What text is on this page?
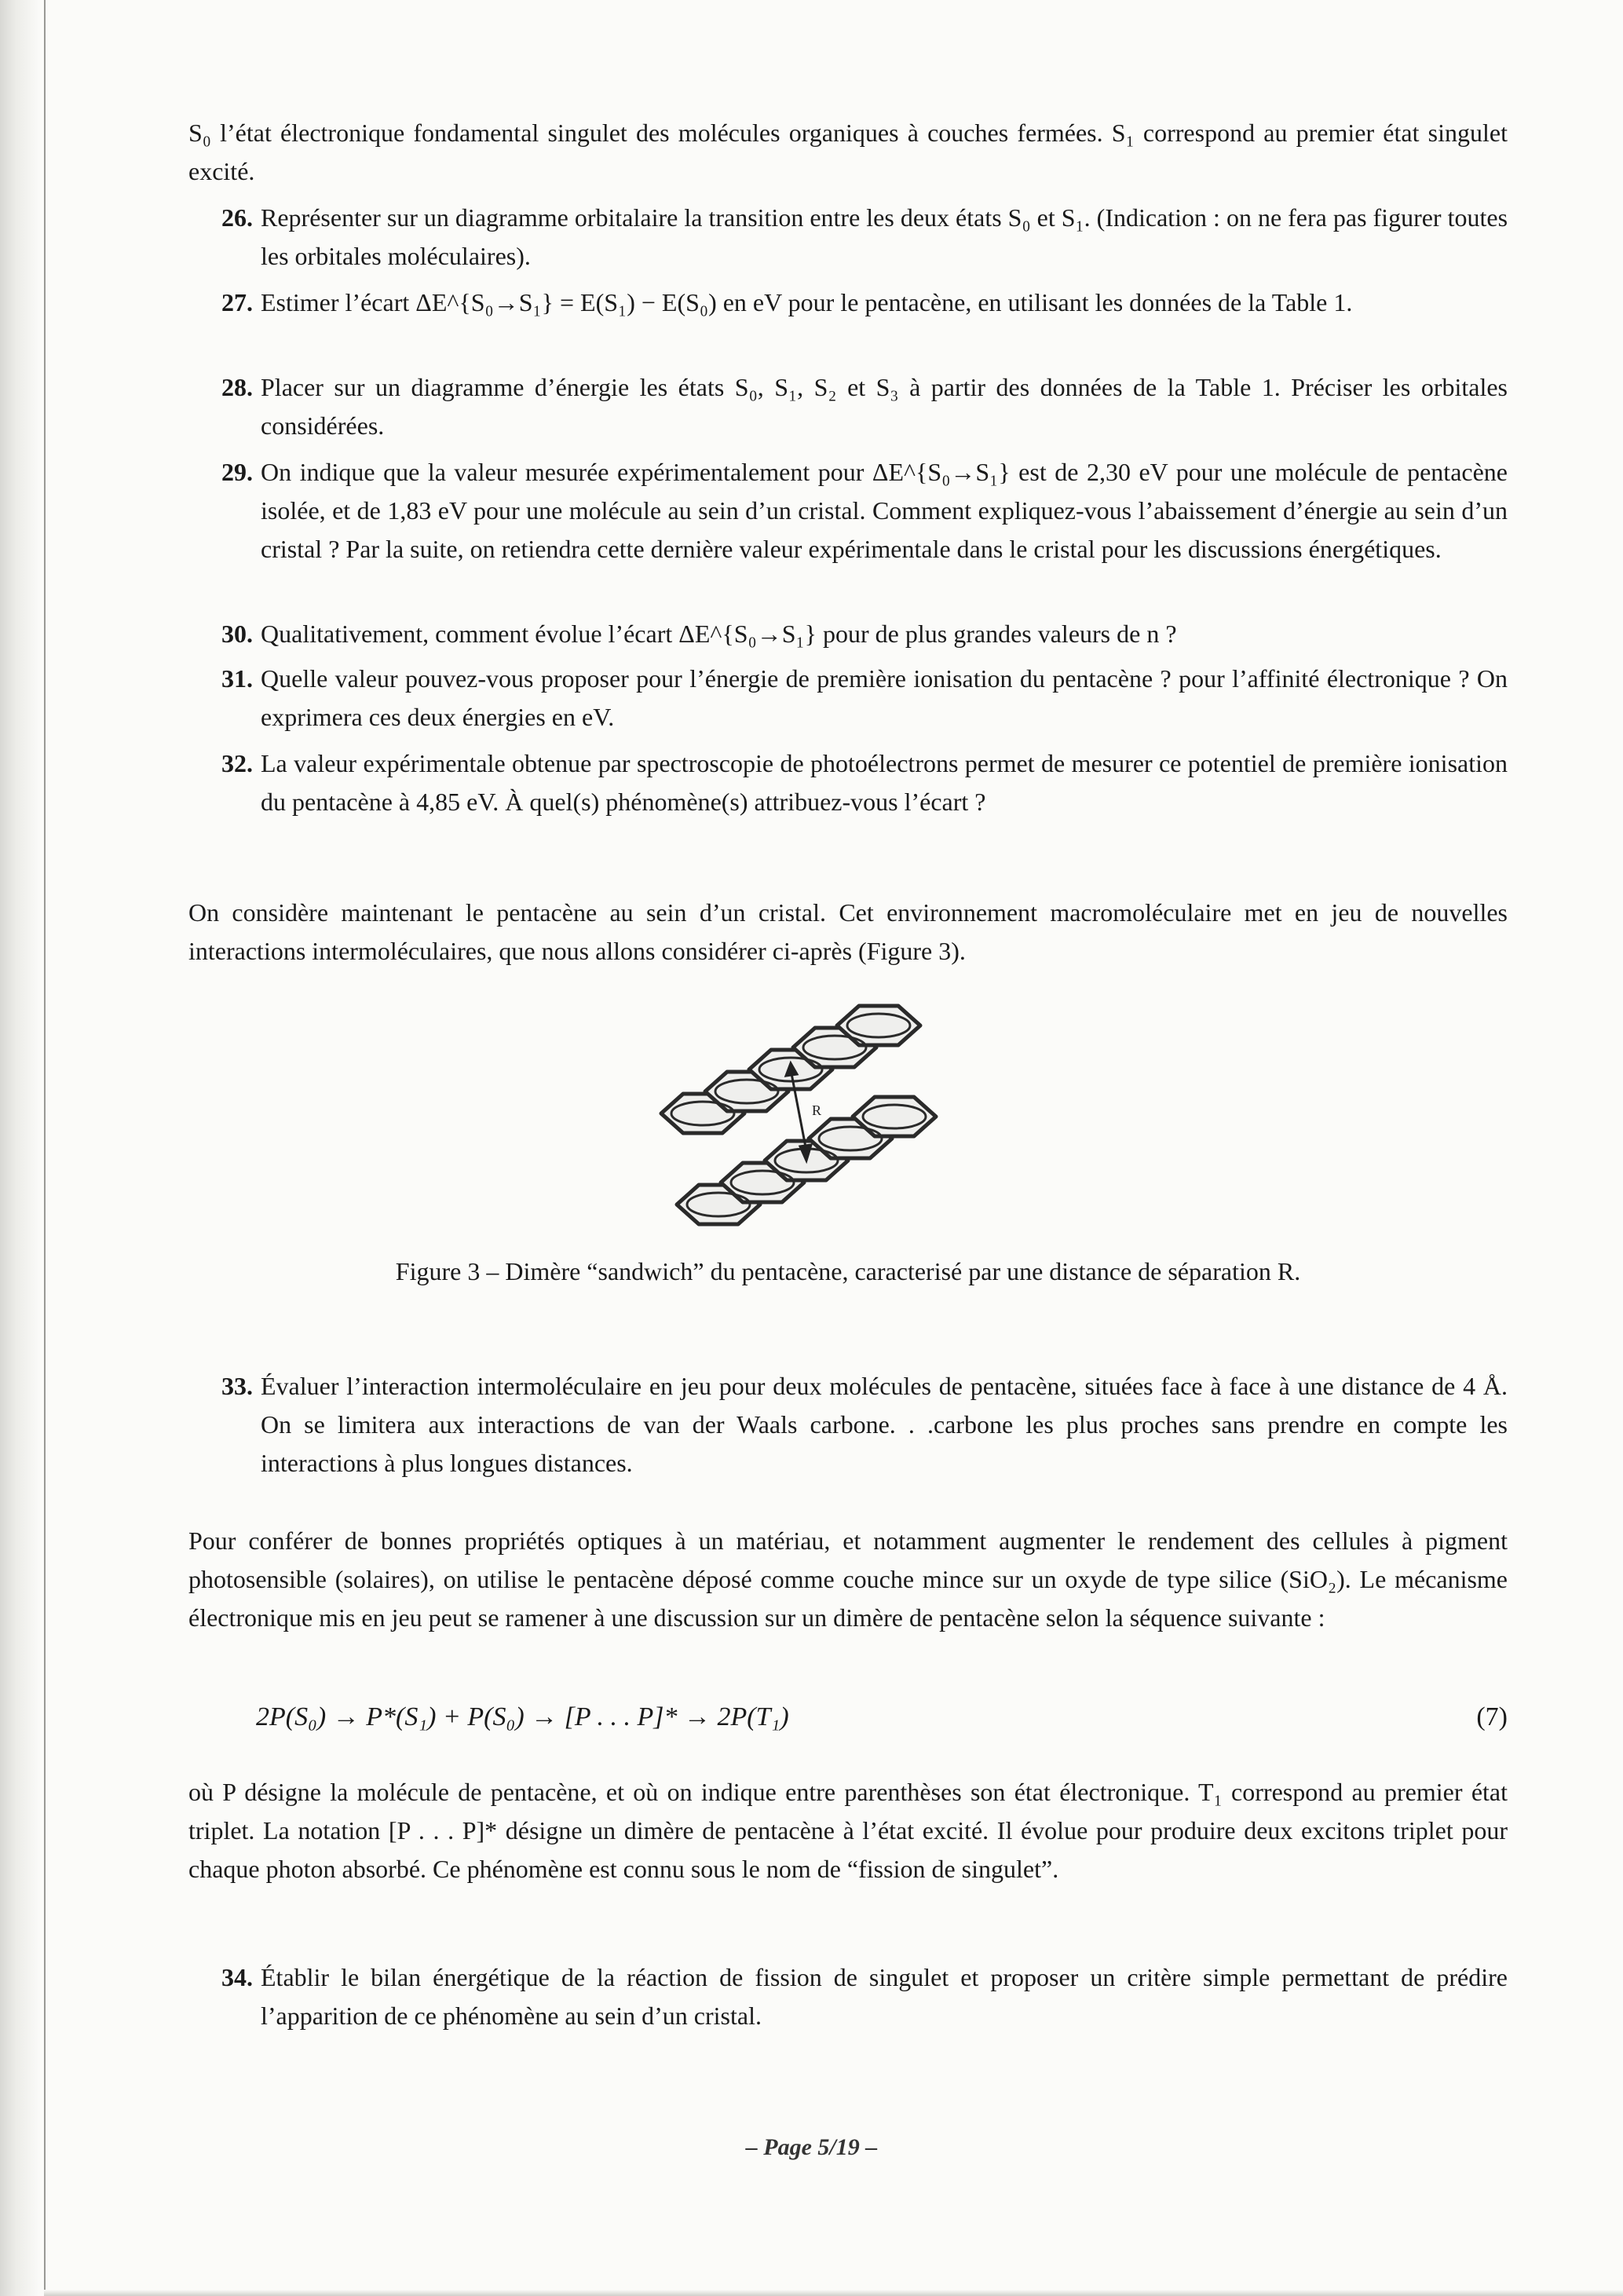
S₀ l’état électronique fondamental singulet des molécules organiques à couches fermées. S₁ correspond au premier état singulet excité.

26. Représenter sur un diagramme orbitalaire la transition entre les deux états S₀ et S₁. (Indication : on ne fera pas figurer toutes les orbitales moléculaires).
27. Estimer l’écart ΔE^{S₀→S₁} = E(S₁) − E(S₀) en eV pour le pentacène, en utilisant les données de la Table 1.
28. Placer sur un diagramme d’énergie les états S₀, S₁, S₂ et S₃ à partir des données de la Table 1. Préciser les orbitales considérées.
29. On indique que la valeur mesurée expérimentalement pour ΔE^{S₀→S₁} est de 2,30 eV pour une molécule de pentacène isolée, et de 1,83 eV pour une molécule au sein d’un cristal. Comment expliquez-vous l’abaissement d’énergie au sein d’un cristal ? Par la suite, on retiendra cette dernière valeur expérimentale dans le cristal pour les discussions énergétiques.
30. Qualitativement, comment évolue l’écart ΔE^{S₀→S₁} pour de plus grandes valeurs de n ?
31. Quelle valeur pouvez-vous proposer pour l’énergie de première ionisation du pentacène ? pour l’affinité électronique ? On exprimera ces deux énergies en eV.
32. La valeur expérimentale obtenue par spectroscopie de photoélectrons permet de mesurer ce potentiel de première ionisation du pentacène à 4,85 eV. À quel(s) phénomène(s) attribuez-vous l’écart ?

On considère maintenant le pentacène au sein d’un cristal. Cet environnement macromoléculaire met en jeu de nouvelles interactions intermoléculaires, que nous allons considérer ci-après (Figure 3).

R
Figure 3 – Dimère “sandwich” du pentacène, caracterisé par une distance de séparation R.
33. Évaluer l’interaction intermoléculaire en jeu pour deux molécules de pentacène, situées face à face à une distance de 4 Å. On se limitera aux interactions de van der Waals carbone. . .carbone les plus proches sans prendre en compte les interactions à plus longues distances.

Pour conférer de bonnes propriétés optiques à un matériau, et notamment augmenter le rendement des cellules à pigment photosensible (solaires), on utilise le pentacène déposé comme couche mince sur un oxyde de type silice (SiO₂). Le mécanisme électronique mis en jeu peut se ramener à une discussion sur un dimère de pentacène selon la séquence suivante :

2P(S₀) → P*(S₁) + P(S₀) → [P . . . P]* → 2P(T₁)	(7)

où P désigne la molécule de pentacène, et où on indique entre parenthèses son état électronique. T₁ correspond au premier état triplet. La notation [P . . . P]* désigne un dimère de pentacène à l’état excité. Il évolue pour produire deux excitons triplet pour chaque photon absorbé. Ce phénomène est connu sous le nom de “fission de singulet”.

34. Établir le bilan énergétique de la réaction de fission de singulet et proposer un critère simple permettant de prédire l’apparition de ce phénomène au sein d’un cristal.
– Page 5/19 –
